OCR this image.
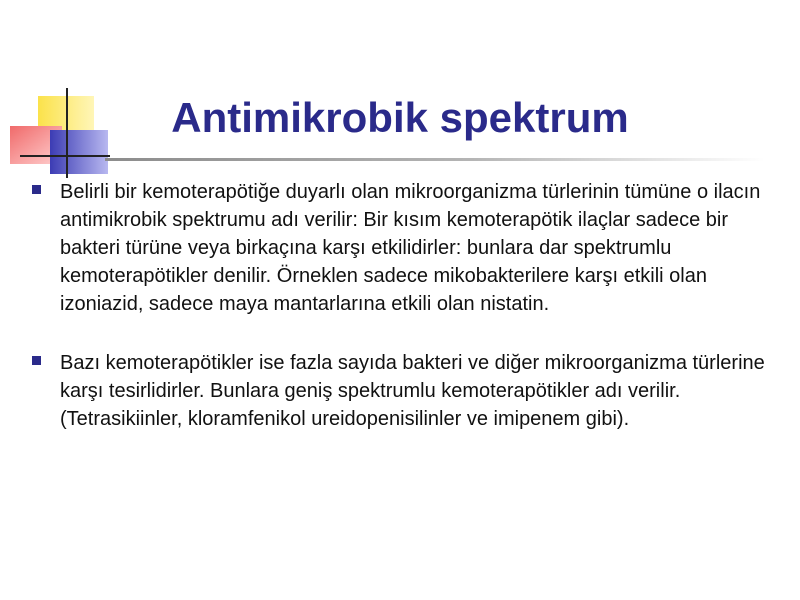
Antimikrobik spektrum
Belirli bir kemoterapötiğe duyarlı olan mikroorganizma türlerinin tümüne o ilacın antimikrobik spektrumu adı verilir: Bir kısım kemoterapötik ilaçlar sadece bir bakteri türüne veya birkaçına karşı etkilidirler: bunlara dar spektrumlu kemoterapötikler denilir. Örneklen sadece mikobakterilere karşı etkili olan izoniazid, sadece maya mantarlarına etkili olan nistatin.
Bazı kemoterapötikler ise fazla sayıda bakteri ve diğer mikroorganizma türlerine karşı tesirlidirler. Bunlara geniş spektrumlu kemoterapötikler adı verilir. (Tetrasikiinler, kloramfenikol ureidopenisilinler ve imipenem gibi).
